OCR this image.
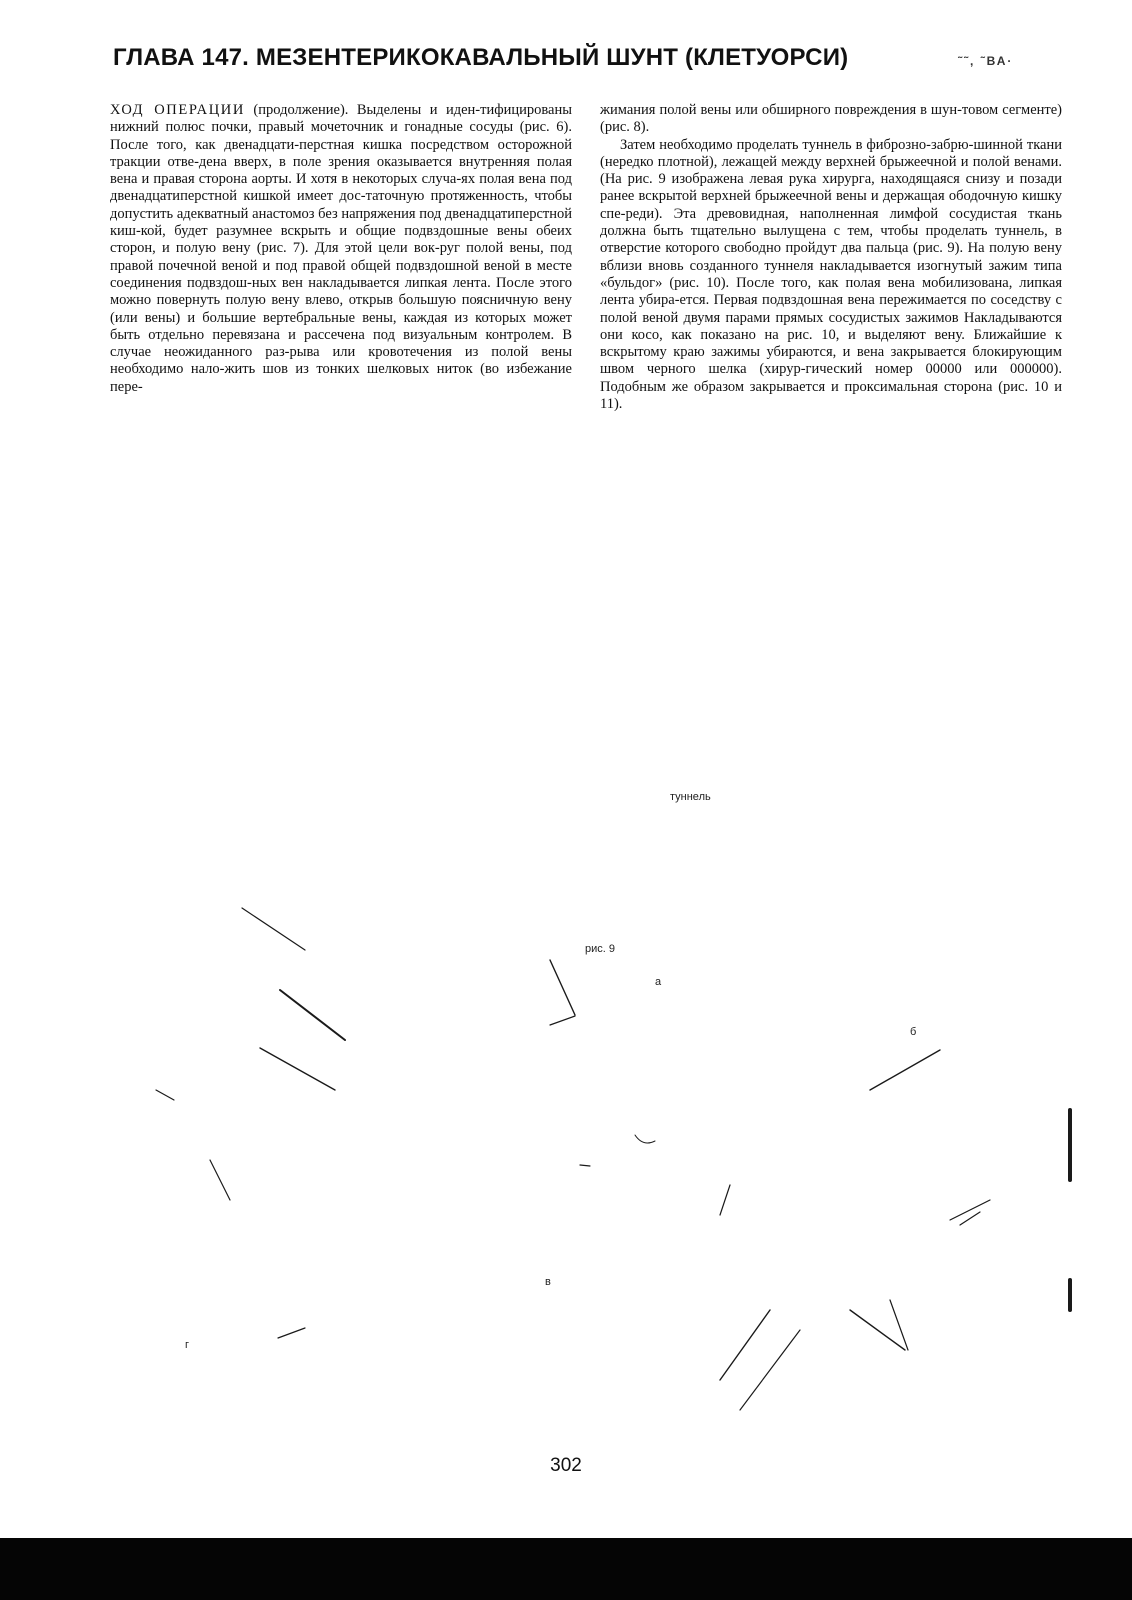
ГЛАВА 147. МЕЗЕНТЕРИКОКАВАЛЬНЫЙ ШУНТ (КЛЕТУОРСИ)	˜˜, ˜ВА·

ХОД ОПЕРАЦИИ (продолжение). Выделены и иден-тифицированы нижний полюс почки, правый мочеточник и гонадные сосуды (рис. 6). После того, как двенадцати-перстная кишка посредством осторожной тракции отве-дена вверх, в поле зрения оказывается внутренняя полая вена и правая сторона аорты. И хотя в некоторых случа-ях полая вена под двенадцатиперстной кишкой имеет дос-таточную протяженность, чтобы допустить адекватный анастомоз без напряжения под двенадцатиперстной киш-кой, будет разумнее вскрыть и общие подвздошные вены обеих сторон, и полую вену (рис. 7). Для этой цели вок-руг полой вены, под правой почечной веной и под правой общей подвздошной веной в месте соединения подвздош-ных вен накладывается липкая лента. После этого можно повернуть полую вену влево, открыв большую поясничную вену (или вены) и большие вертебральные вены, каждая из которых может быть отдельно перевязана и рассечена под визуальным контролем. В случае неожиданного раз-рыва или кровотечения из полой вены необходимо нало-жить шов из тонких шелковых ниток (во избежание пере-

жимания полой вены или обширного повреждения в шун-товом сегменте) (рис. 8).

Затем необходимо проделать туннель в фиброзно-забрю-шинной ткани (нередко плотной), лежащей между верхней брыжеечной и полой венами. (На рис. 9 изображена левая рука хирурга, находящаяся снизу и позади ранее вскрытой верхней брыжеечной вены и держащая ободочную кишку спе-реди). Эта древовидная, наполненная лимфой сосудистая ткань должна быть тщательно вылущена с тем, чтобы проделать туннель, в отверстие которого свободно пройдут два пальца (рис. 9). На полую вену вблизи вновь созданного туннеля накладывается изогнутый зажим типа «бульдог» (рис. 10). После того, как полая вена мобилизована, липкая лента убира-ется. Первая подвздошная вена пережимается по соседству с полой веной двумя парами прямых сосудистых зажимов Накладываются они косо, как показано на рис. 10, и выделяют вену. Ближайшие к вскрытому краю зажимы убираются, и вена закрывается блокирующим швом черного шелка (хирур-гический номер 00000 или 000000). Подобным же образом закрывается и проксимальная сторона (рис. 10 и 11).

туннель
рис. 9
а
б
в
г
302
